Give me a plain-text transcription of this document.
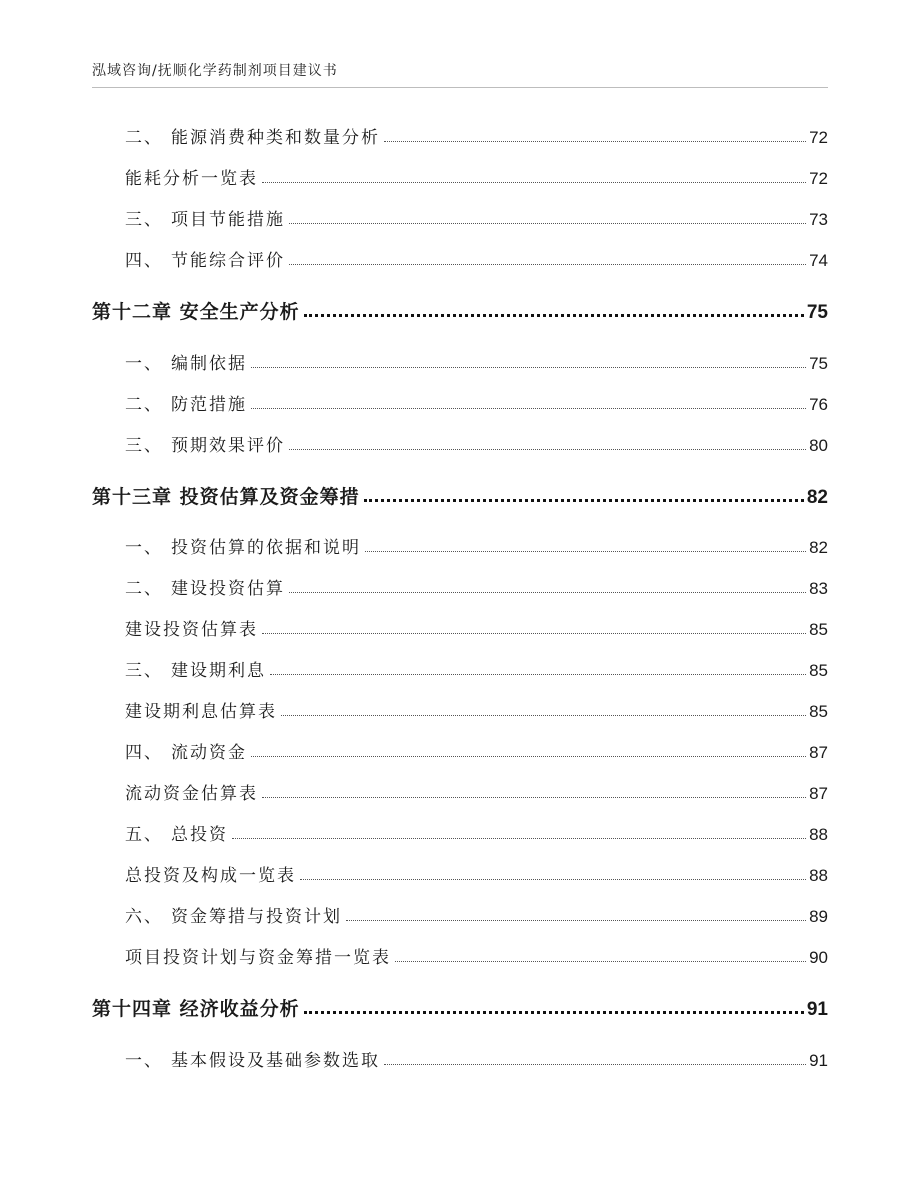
泓域咨询/抚顺化学药制剂项目建议书
二、 能源消费种类和数量分析	72
能耗分析一览表	72
三、 项目节能措施	73
四、 节能综合评价	74
第十二章 安全生产分析	75
一、 编制依据	75
二、 防范措施	76
三、 预期效果评价	80
第十三章 投资估算及资金筹措	82
一、 投资估算的依据和说明	82
二、 建设投资估算	83
建设投资估算表	85
三、 建设期利息	85
建设期利息估算表	85
四、 流动资金	87
流动资金估算表	87
五、 总投资	88
总投资及构成一览表	88
六、 资金筹措与投资计划	89
项目投资计划与资金筹措一览表	90
第十四章 经济收益分析	91
一、 基本假设及基础参数选取	91
